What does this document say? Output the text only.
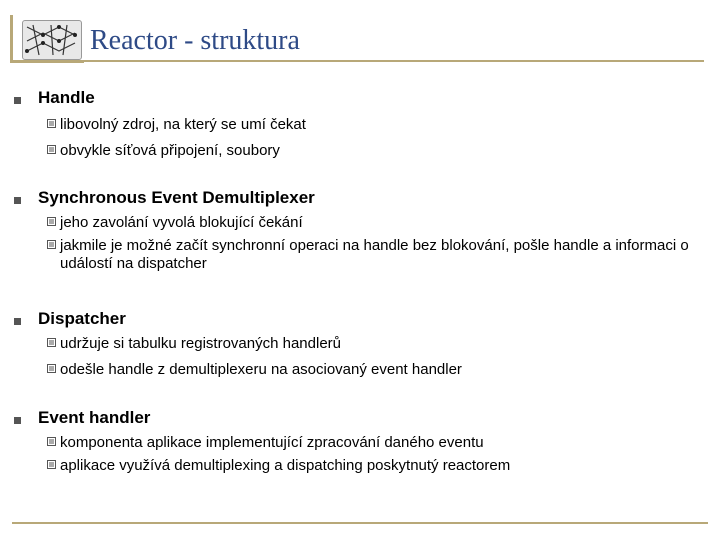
Reactor - struktura
Handle
libovolný zdroj, na který se umí čekat
obvykle síťová připojení, soubory
Synchronous Event Demultiplexer
jeho zavolání vyvolá blokující čekání
jakmile je možné začít synchronní operaci na handle bez blokování, pošle handle a informaci o událostí na dispatcher
Dispatcher
udržuje si tabulku registrovaných handlerů
odešle handle z demultiplexeru na asociovaný event handler
Event handler
komponenta aplikace implementující zpracování daného eventu
aplikace využívá demultiplexing a dispatching poskytnutý reactorem
